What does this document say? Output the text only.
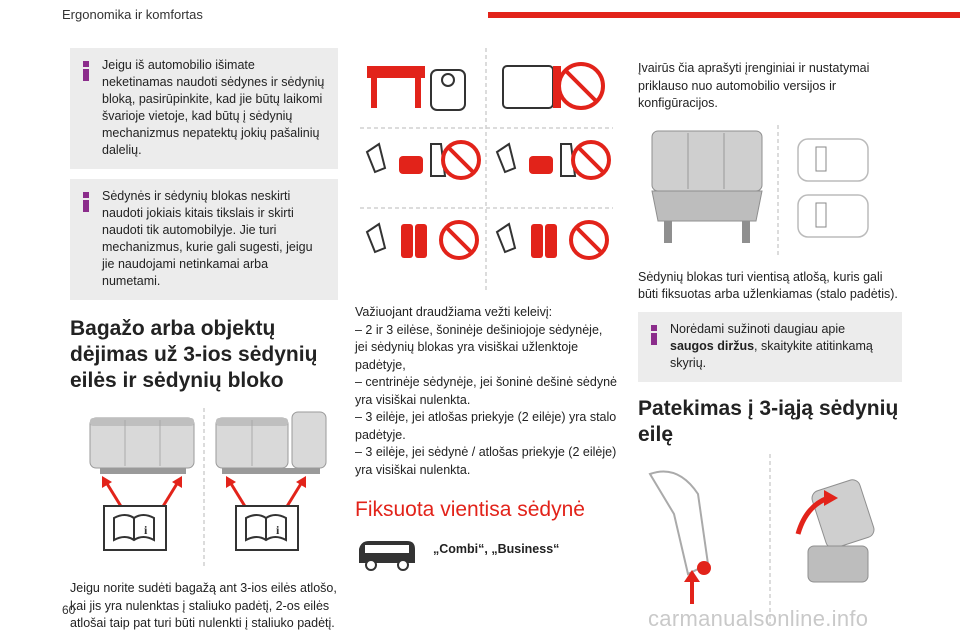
Ergonomika ir komfortas

Jeigu iš automobilio išimate neketinamas naudoti sėdynes ir sėdynių bloką, pasirūpinkite, kad jie būtų laikomi švarioje vietoje, kad būtų į sėdynių mechanizmus nepatektų jokių pašalinių dalelių.

Sėdynės ir sėdynių blokas neskirti naudoti jokiais kitais tikslais ir skirti naudoti tik automobilyje. Jie turi mechanizmus, kurie gali sugesti, jeigu jie naudojami netinkamai arba numetami.

Bagažo arba objektų dėjimas už 3-ios sėdynių eilės ir sėdynių bloko
i	i

Jeigu norite sudėti bagažą ant 3-ios eilės atlošo, kai jis yra nulenktas į staliuko padėtį, 2-os eilės atlošai taip pat turi būti nulenkti į staliuko padėtį.

Važiuojant draudžiama vežti keleivį:

– 2 ir 3 eilėse, šoninėje dešiniojoje sėdynėje, jei sėdynių blokas yra visiškai užlenktoje padėtyje,

– centrinėje sėdynėje, jei šoninė dešinė sėdynė yra visiškai nulenkta.

– 3 eilėje, jei atlošas priekyje (2 eilėje) yra stalo padėtyje.

– 3 eilėje, jei sėdynė / atlošas priekyje (2 eilėje) yra visiškai nulenkta.

Fiksuota vientisa sėdynė
„Combi“, „Business“

Įvairūs čia aprašyti įrenginiai ir nustatymai priklauso nuo automobilio versijos ir konfigūracijos.

Sėdynių blokas turi vientisą atlošą, kuris gali būti fiksuotas arba užlenkiamas (stalo padėtis).

Norėdami sužinoti daugiau apie saugos diržus, skaitykite atitinkamą skyrių.

Patekimas į 3-iąją sėdynių eilę
60	carmanualsonline.info
